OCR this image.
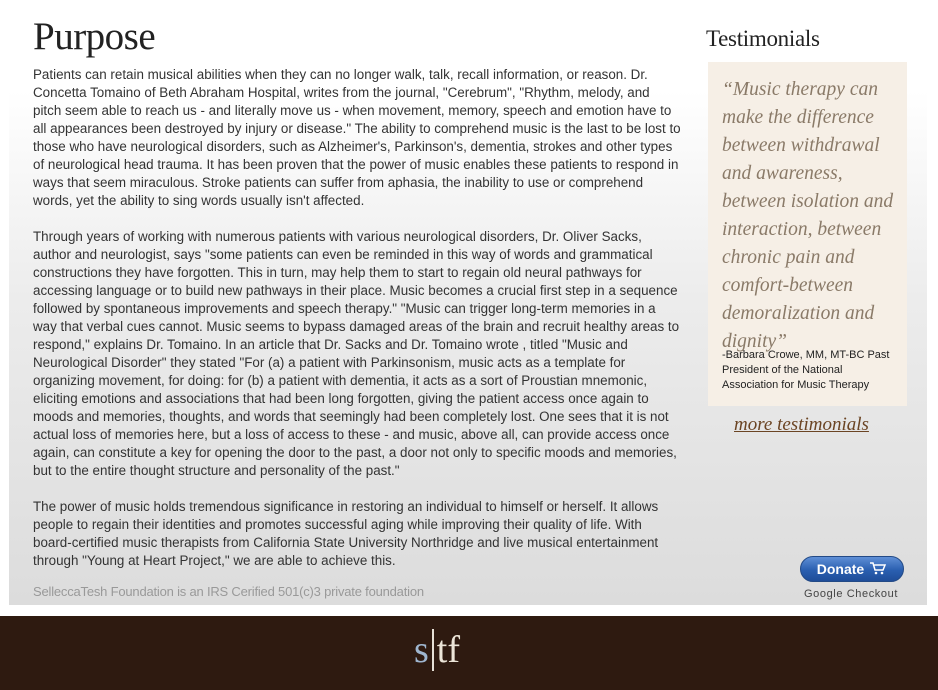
Purpose

Patients can retain musical abilities when they can no longer walk, talk, recall information, or reason. Dr. Concetta Tomaino of Beth Abraham Hospital, writes from the journal, "Cerebrum", "Rhythm, melody, and pitch seem able to reach us - and literally move us - when movement, memory, speech and emotion have to all appearances been destroyed by injury or disease." The ability to comprehend music is the last to be lost to those who have neurological disorders, such as Alzheimer's, Parkinson's, dementia, strokes and other types of neurological head trauma. It has been proven that the power of music enables these patients to respond in ways that seem miraculous. Stroke patients can suffer from aphasia, the inability to use or comprehend words, yet the ability to sing words usually isn't affected.

Through years of working with numerous patients with various neurological disorders, Dr. Oliver Sacks, author and neurologist, says "some patients can even be reminded in this way of words and grammatical constructions they have forgotten. This in turn, may help them to start to regain old neural pathways for accessing language or to build new pathways in their place. Music becomes a crucial first step in a sequence followed by spontaneous improvements and speech therapy." "Music can trigger long-term memories in a way that verbal cues cannot. Music seems to bypass damaged areas of the brain and recruit healthy areas to respond," explains Dr. Tomaino. In an article that Dr. Sacks and Dr. Tomaino wrote , titled "Music and Neurological Disorder" they stated "For (a) a patient with Parkinsonism, music acts as a template for organizing movement, for doing: for (b) a patient with dementia, it acts as a sort of Proustian mnemonic, eliciting emotions and associations that had been long forgotten, giving the patient access once again to moods and memories, thoughts, and words that seemingly had been completely lost. One sees that it is not actual loss of memories here, but a loss of access to these - and music, above all, can provide access once again, can constitute a key for opening the door to the past, a door not only to specific moods and memories, but to the entire thought structure and personality of the past."

The power of music holds tremendous significance in restoring an individual to himself or herself. It allows people to regain their identities and promotes successful aging while improving their quality of life. With board-certified music therapists from California State University Northridge and live musical entertainment through "Young at Heart Project," we are able to achieve this.

SelleccaTesh Foundation is an IRS Cerified 501(c)3 private foundation

Testimonials

“Music therapy can make the difference between withdrawal and awareness, between isolation and interaction, between chronic pain and comfort-between demoralization and dignity”

-Barbara Crowe, MM, MT-BC Past President of the National Association for Music Therapy

more testimonials
Donate
Google Checkout
s tf
